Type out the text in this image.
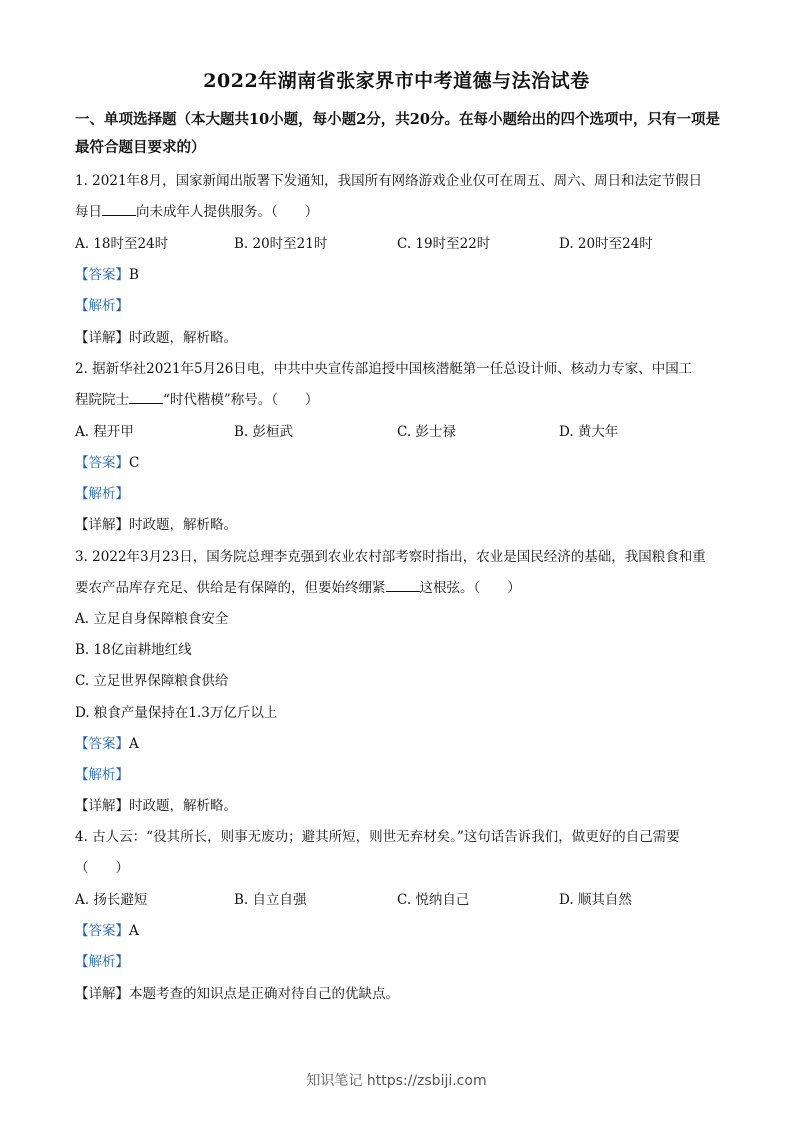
2022年湖南省张家界市中考道德与法治试卷
一、单项选择题（本大题共10小题，每小题2分，共20分。在每小题给出的四个选项中，只有一项是最符合题目要求的）
1. 2021年8月，国家新闻出版署下发通知，我国所有网络游戏企业仅可在周五、周六、周日和法定节假日
每日	向未成年人提供服务。（　　）
A. 18时至24时	B. 20时至21时	C. 19时至22时	D. 20时至24时
【答案】B
【解析】
【详解】时政题，解析略。
2. 据新华社2021年5月26日电，中共中央宣传部追授中国核潜艇第一任总设计师、核动力专家、中国工
程院院士	“时代楷模”称号。（　　）
A. 程开甲	B. 彭桓武	C. 彭士禄	D. 黄大年
【答案】C
【解析】
【详解】时政题，解析略。
3. 2022年3月23日，国务院总理李克强到农业农村部考察时指出，农业是国民经济的基础，我国粮食和重
要农产品库存充足、供给是有保障的，但要始终绷紧	这根弦。（　　）
A. 立足自身保障粮食安全
B. 18亿亩耕地红线
C. 立足世界保障粮食供给
D. 粮食产量保持在1.3万亿斤以上
【答案】A
【解析】
【详解】时政题，解析略。
4. 古人云：“役其所长，则事无废功；避其所短，则世无弃材矣。”这句话告诉我们，做更好的自己需要
（　　）
A. 扬长避短	B. 自立自强	C. 悦纳自己	D. 顺其自然
【答案】A
【解析】
【详解】本题考查的知识点是正确对待自己的优缺点。
知识笔记 https://zsbiji.com
